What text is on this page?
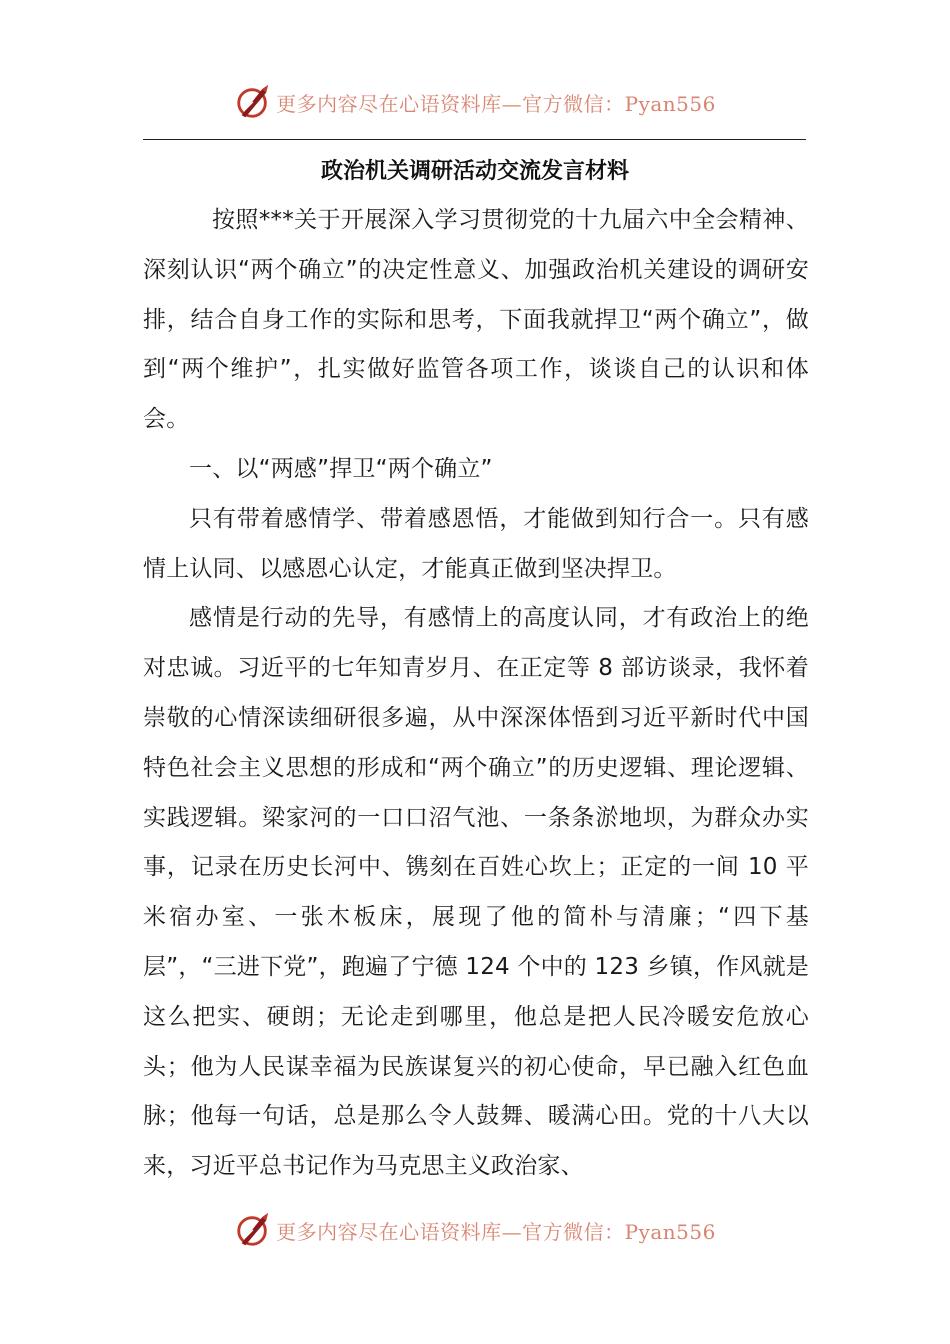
更多内容尽在心语资料库—官方微信：Pyan556
政治机关调研活动交流发言材料

按照***关于开展深入学习贯彻党的十九届六中全会精神、深刻认识“两个确立”的决定性意义、加强政治机关建设的调研安排，结合自身工作的实际和思考，下面我就捍卫“两个确立”，做到“两个维护”，扎实做好监管各项工作，谈谈自己的认识和体会。

一、以“两感”捍卫“两个确立”

只有带着感情学、带着感恩悟，才能做到知行合一。只有感情上认同、以感恩心认定，才能真正做到坚决捍卫。

感情是行动的先导，有感情上的高度认同，才有政治上的绝对忠诚。习近平的七年知青岁月、在正定等 8 部访谈录，我怀着崇敬的心情深读细研很多遍，从中深深体悟到习近平新时代中国特色社会主义思想的形成和“两个确立”的历史逻辑、理论逻辑、实践逻辑。梁家河的一口口沼气池、一条条淤地坝，为群众办实事，记录在历史长河中、镌刻在百姓心坎上；正定的一间 10 平米宿办室、一张木板床，展现了他的简朴与清廉；“四下基层”，“三进下党”，跑遍了宁德 124 个中的 123 乡镇，作风就是这么把实、硬朗；无论走到哪里，他总是把人民冷暖安危放心头；他为人民谋幸福为民族谋复兴的初心使命，早已融入红色血脉；他每一句话，总是那么令人鼓舞、暖满心田。党的十八大以来，习近平总书记作为马克思主义政治家、

更多内容尽在心语资料库—官方微信：Pyan556
